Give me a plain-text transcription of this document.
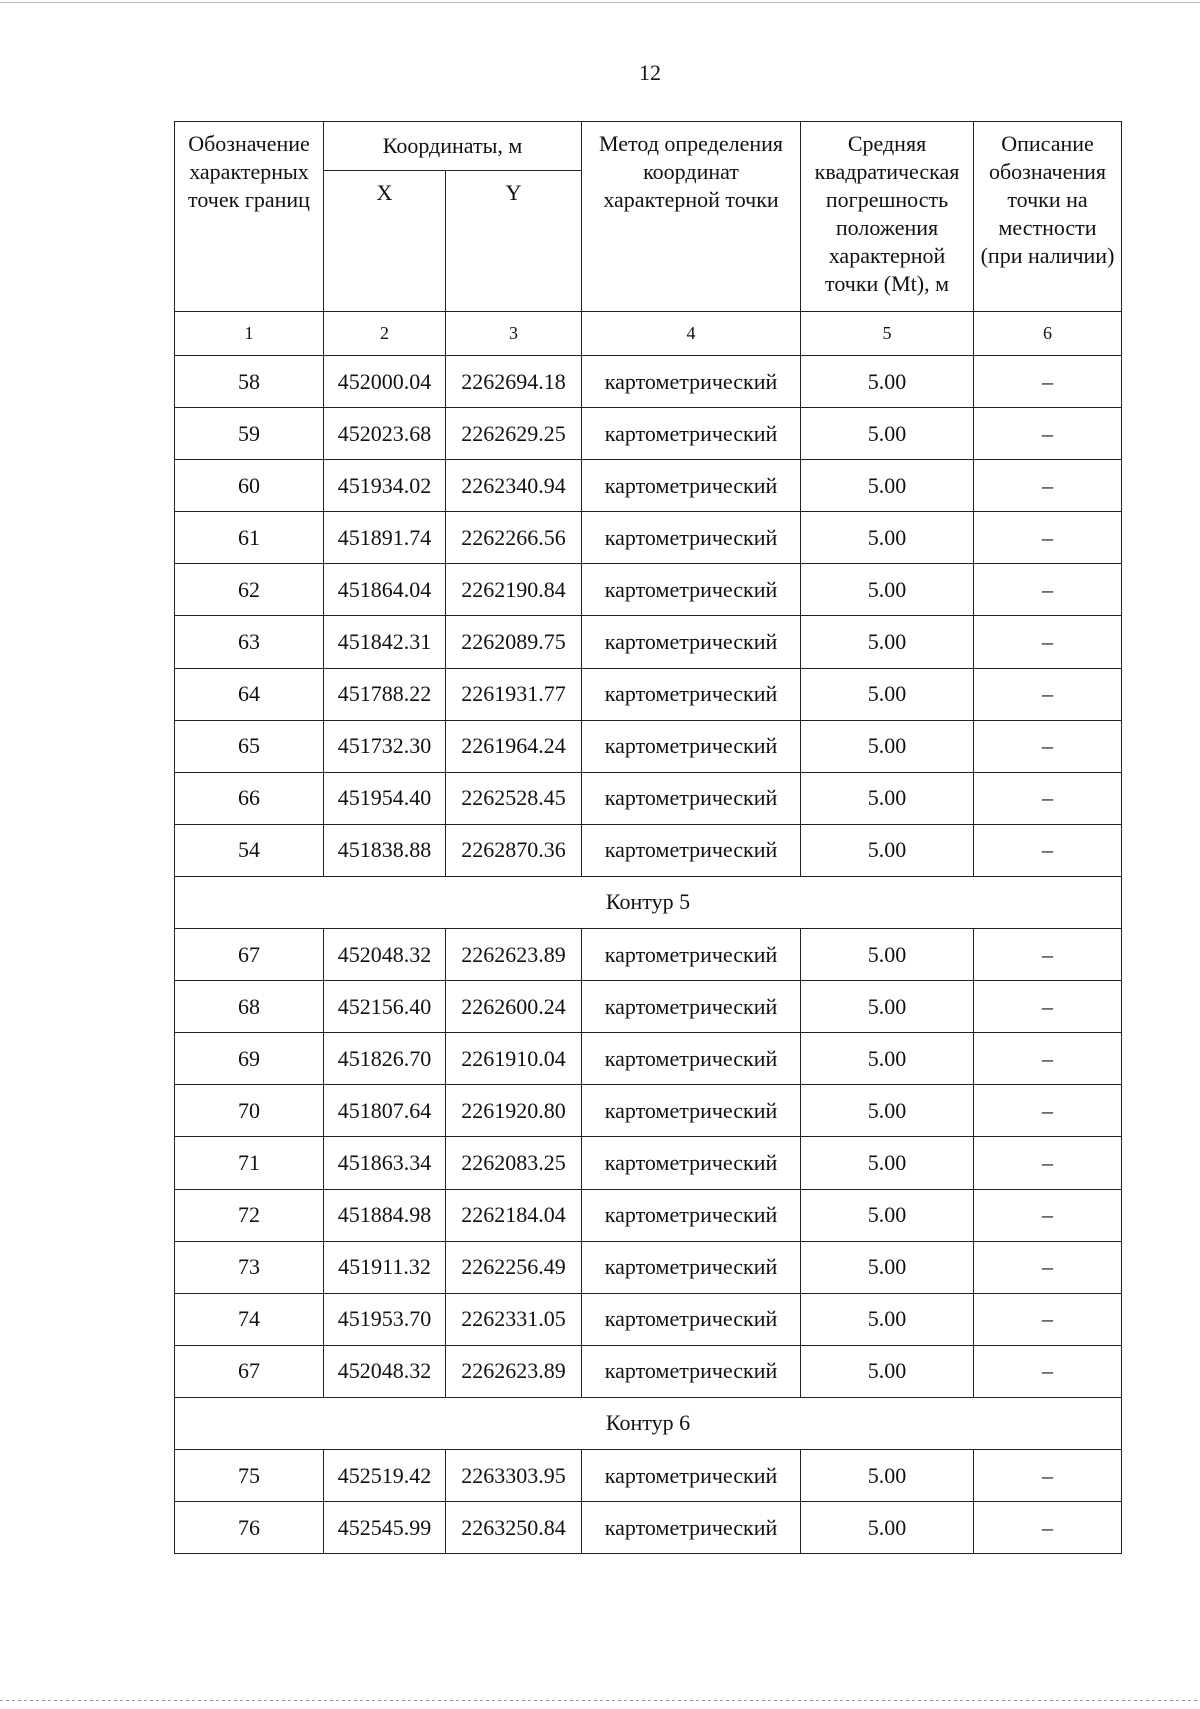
12
Обозначение характерных точек границ	Координаты, м		Метод определения координат характерной точки	Средняя квадратическая погрешность положения характерной точки (Mt), м	Описание обозначения точки на местности (при наличии)
	X	Y			
1	2	3	4	5	6
58	452000.04	2262694.18	картометрический	5.00	–
59	452023.68	2262629.25	картометрический	5.00	–
60	451934.02	2262340.94	картометрический	5.00	–
61	451891.74	2262266.56	картометрический	5.00	–
62	451864.04	2262190.84	картометрический	5.00	–
63	451842.31	2262089.75	картометрический	5.00	–
64	451788.22	2261931.77	картометрический	5.00	–
65	451732.30	2261964.24	картометрический	5.00	–
66	451954.40	2262528.45	картометрический	5.00	–
54	451838.88	2262870.36	картометрический	5.00	–
Контур 5					
67	452048.32	2262623.89	картометрический	5.00	–
68	452156.40	2262600.24	картометрический	5.00	–
69	451826.70	2261910.04	картометрический	5.00	–
70	451807.64	2261920.80	картометрический	5.00	–
71	451863.34	2262083.25	картометрический	5.00	–
72	451884.98	2262184.04	картометрический	5.00	–
73	451911.32	2262256.49	картометрический	5.00	–
74	451953.70	2262331.05	картометрический	5.00	–
67	452048.32	2262623.89	картометрический	5.00	–
Контур 6					
75	452519.42	2263303.95	картометрический	5.00	–
76	452545.99	2263250.84	картометрический	5.00	–
